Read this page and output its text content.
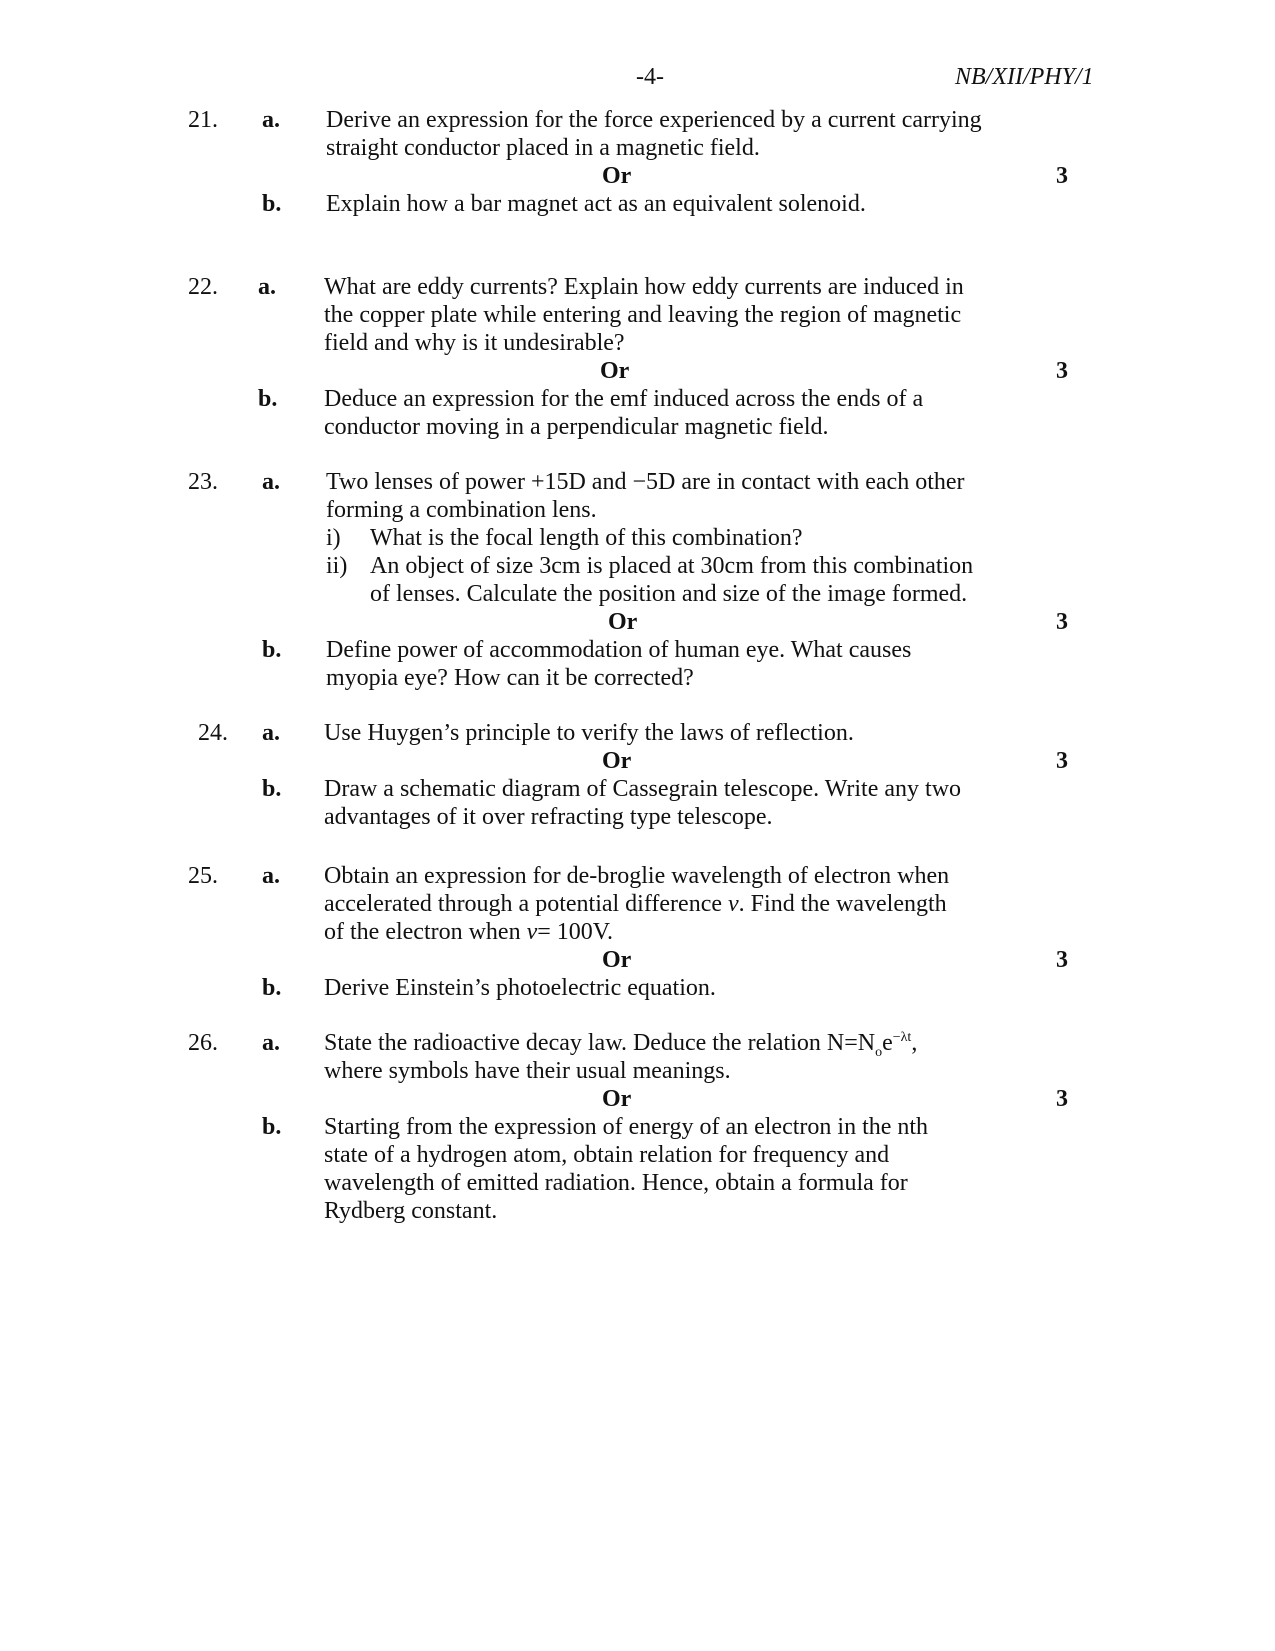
-4-	NB/XII/PHY/1
21.	a. Derive an expression for the force experienced by a current carrying
straight conductor placed in a magnetic field.
Or	3
b. Explain how a bar magnet act as an equivalent solenoid.
22.	a. What are eddy currents? Explain how eddy currents are induced in
the copper plate while entering and leaving the region of magnetic
field and why is it undesirable?
Or	3
b. Deduce an expression for the emf induced across the ends of a
conductor moving in a perpendicular magnetic field.
23.	a. Two lenses of power +15D and −5D are in contact with each other
forming a combination lens.
i) What is the focal length of this combination?
ii) An object of size 3cm is placed at 30cm from this combination
of lenses. Calculate the position and size of the image formed.
Or	3
b. Define power of accommodation of human eye. What causes
myopia eye? How can it be corrected?
24.	a. Use Huygen’s principle to verify the laws of reflection.
Or	3
b. Draw a schematic diagram of Cassegrain telescope. Write any two
advantages of it over refracting type telescope.
25.	a. Obtain an expression for de-broglie wavelength of electron when
accelerated through a potential difference v. Find the wavelength
of the electron when v= 100V.
Or	3
b. Derive Einstein’s photoelectric equation.
26.	a. State the radioactive decay law. Deduce the relation $N=N_oe^{-\lambda t}$,
where symbols have their usual meanings.
Or	3
b. Starting from the expression of energy of an electron in the nth
state of a hydrogen atom, obtain relation for frequency and
wavelength of emitted radiation. Hence, obtain a formula for
Rydberg constant.
